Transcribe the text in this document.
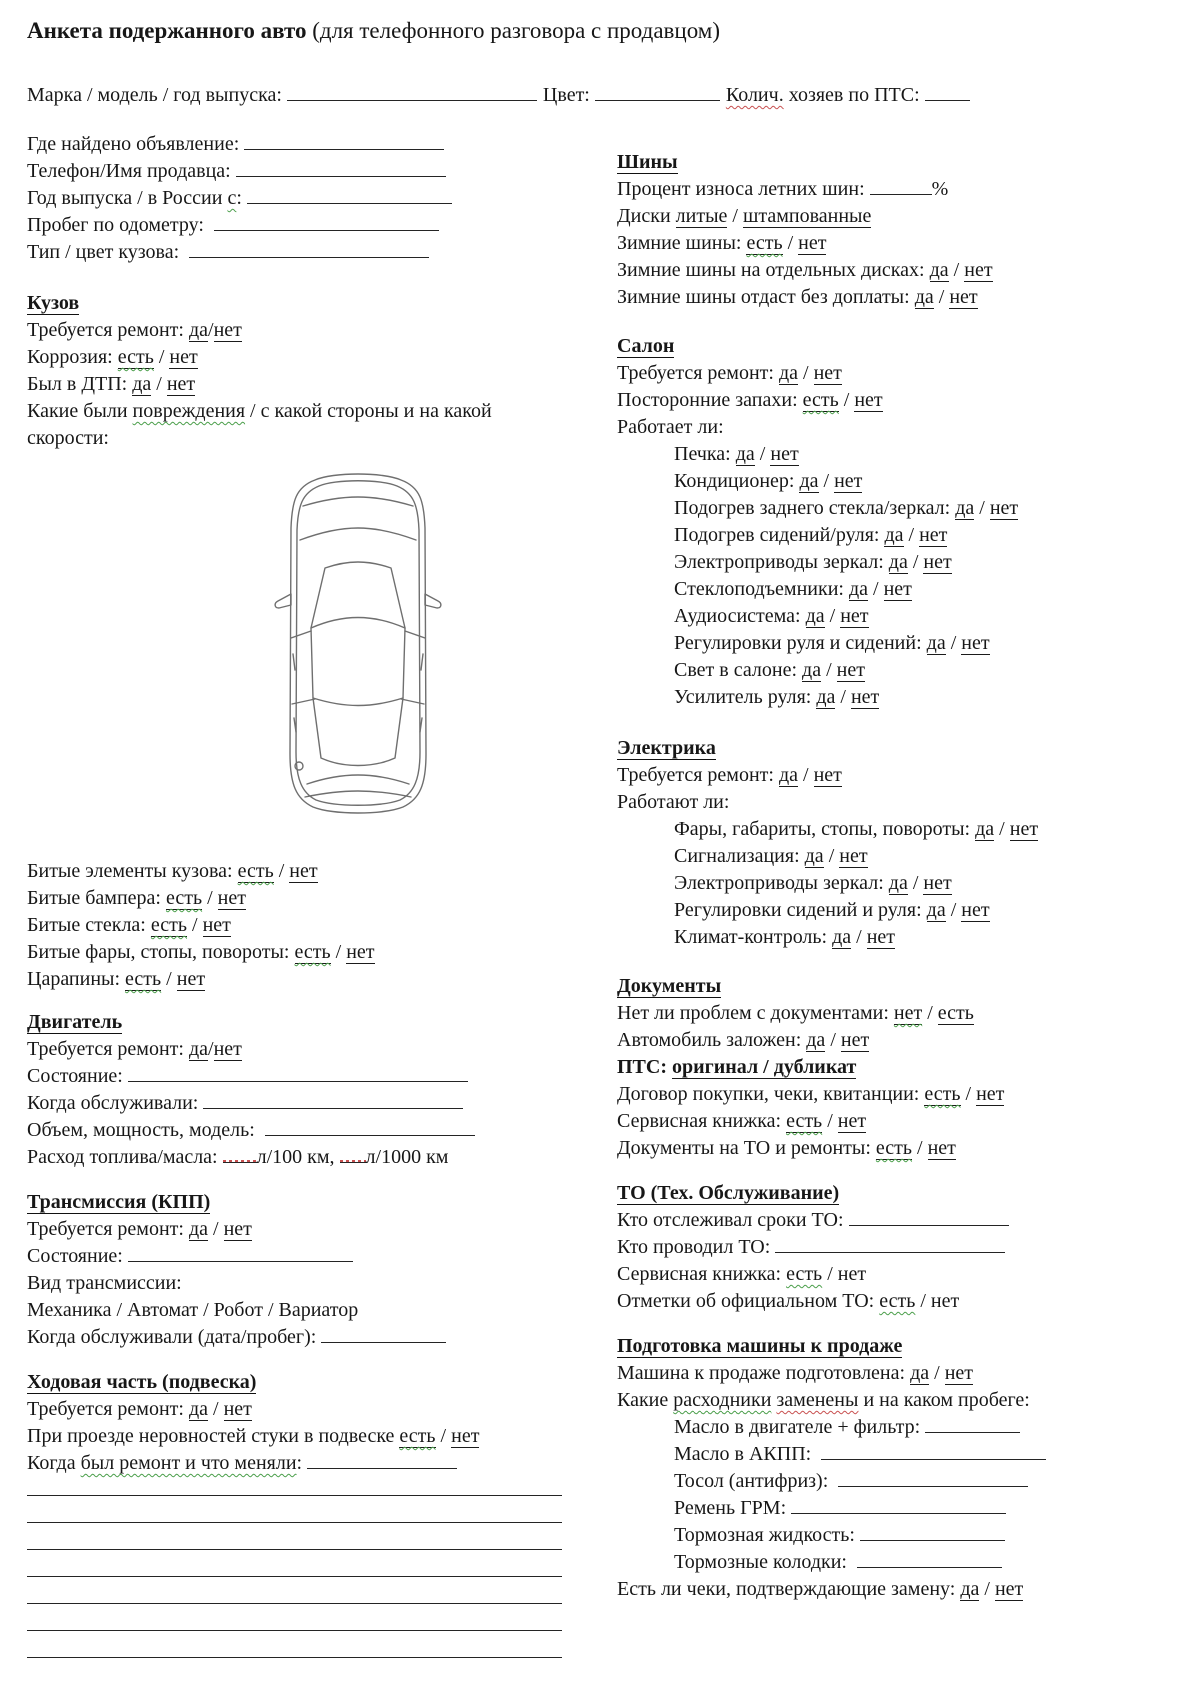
Анкета подержанного авто (для телефонного разговора с продавцом)
Марка / модель / год выпуска:	Цвет:	Колич. хозяев по ПТС:
Где найдено объявление:
Телефон/Имя продавца:
Год выпуска / в России с:
Пробег по одометру:
Тип / цвет кузова:
Кузов
Требуется ремонт: да/нет
Коррозия: есть / нет
Был в ДТП: да / нет
Какие были повреждения / с какой стороны и на какой
скорости:
Битые элементы кузова: есть / нет
Битые бампера: есть / нет
Битые стекла: есть / нет
Битые фары, стопы, повороты: есть / нет
Царапины: есть / нет
Двигатель
Требуется ремонт: да/нет
Состояние:
Когда обслуживали:
Объем, мощность, модель:
Расход топлива/масла: л/100 км, л/1000 км
Трансмиссия (КПП)
Требуется ремонт: да / нет
Состояние:
Вид трансмиссии:
Механика / Автомат / Робот / Вариатор
Когда обслуживали (дата/пробег):
Ходовая часть (подвеска)
Требуется ремонт: да / нет
При проезде неровностей стуки в подвеске есть / нет
Когда был ремонт и что меняли:
Шины
Процент износа летних шин:	%
Диски литые / штампованные
Зимние шины: есть / нет
Зимние шины на отдельных дисках: да / нет
Зимние шины отдаст без доплаты: да / нет
Салон
Требуется ремонт: да / нет
Посторонние запахи: есть / нет
Работает ли:
Печка: да / нет
Кондиционер: да / нет
Подогрев заднего стекла/зеркал: да / нет
Подогрев сидений/руля: да / нет
Электроприводы зеркал: да / нет
Стеклоподъемники: да / нет
Аудиосистема: да / нет
Регулировки руля и сидений: да / нет
Свет в салоне: да / нет
Усилитель руля: да / нет
Электрика
Требуется ремонт: да / нет
Работают ли:
Фары, габариты, стопы, повороты: да / нет
Сигнализация: да / нет
Электроприводы зеркал: да / нет
Регулировки сидений и руля: да / нет
Климат-контроль: да / нет
Документы
Нет ли проблем с документами: нет / есть
Автомобиль заложен: да / нет
ПТС: оригинал / дубликат
Договор покупки, чеки, квитанции: есть / нет
Сервисная книжка: есть / нет
Документы на ТО и ремонты: есть / нет
ТО (Тех. Обслуживание)
Кто отслеживал сроки ТО:
Кто проводил ТО:
Сервисная книжка: есть / нет
Отметки об официальном ТО: есть / нет
Подготовка машины к продаже
Машина к продаже подготовлена: да / нет
Какие расходники заменены и на каком пробеге:
Масло в двигателе + фильтр:
Масло в АКПП:
Тосол (антифриз):
Ремень ГРМ:
Тормозная жидкость:
Тормозные колодки:
Есть ли чеки, подтверждающие замену: да / нет
